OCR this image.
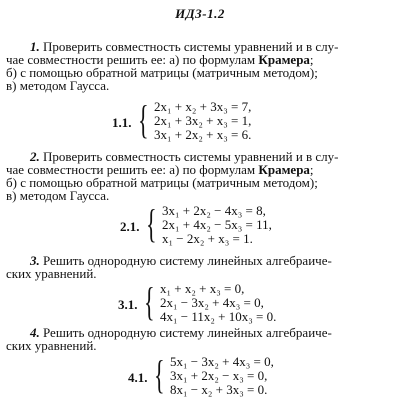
ИДЗ-1.2
1. Проверить совместность системы уравнений и в слу-
чае совместности решить ее: а) по формулам Крамера;
б) с помощью обратной матрицы (матричным методом);
в) методом Гаусса.
1.1. { 2x₁ + x₂ + 3x₃ = 7,
2x₁ + 3x₂ + x₃ = 1,
3x₁ + 2x₂ + x₃ = 6.
2. Проверить совместность системы уравнений и в слу-
чае совместности решить ее: а) по формулам Крамера;
б) с помощью обратной матрицы (матричным методом);
в) методом Гаусса.
2.1. { 3x₁ + 2x₂ − 4x₃ = 8,
2x₁ + 4x₂ − 5x₃ = 11,
x₁ − 2x₂ + x₃ = 1.
3. Решить однородную систему линейных алгебраиче-
ских уравнений.
3.1. { x₁ + x₂ + x₃ = 0,
2x₁ − 3x₂ + 4x₃ = 0,
4x₁ − 11x₂ + 10x₃ = 0.
4. Решить однородную систему линейных алгебраиче-
ских уравнений.
4.1. { 5x₁ − 3x₂ + 4x₃ = 0,
3x₁ + 2x₂ − x₃ = 0,
8x₁ − x₂ + 3x₃ = 0.
